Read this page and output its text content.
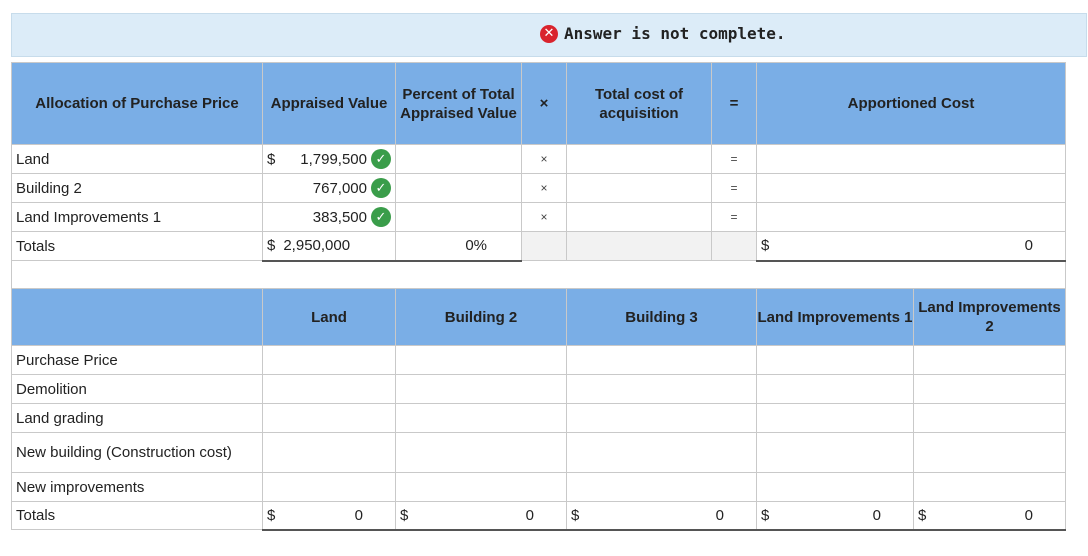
✕ Answer is not complete.
Allocation of Purchase Price	Appraised Value	Percent of Total Appraised Value	×	Total cost of acquisition	=	Apportioned Cost
Land	$ 1,799,500 ✓		×		=	
Building 2	767,000 ✓		×		=	
Land Improvements 1	383,500 ✓		×		=	
Totals	$ 2,950,000	0%				$ 0

	Land	Building 2	Building 3	Land Improvements 1	Land Improvements 2
Purchase Price					
Demolition					
Land grading					
New building (Construction cost)					
New improvements					
Totals	$ 0	$ 0	$ 0	$ 0	$ 0
